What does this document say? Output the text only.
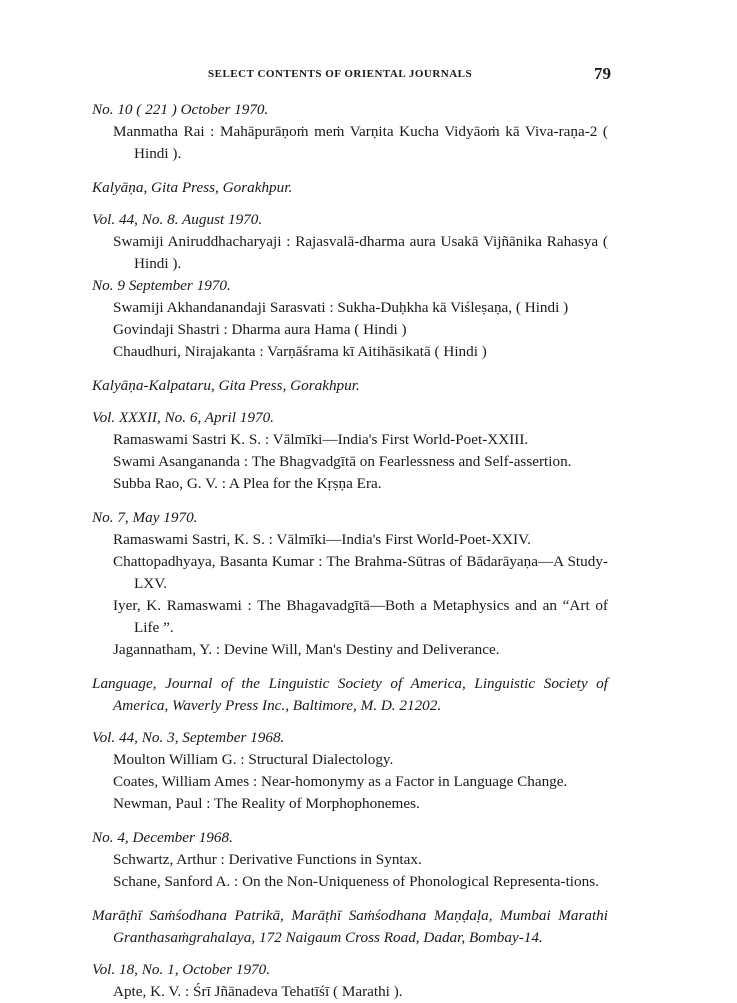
SELECT CONTENTS OF ORIENTAL JOURNALS	79
No. 10 ( 221 ) October 1970.
Manmatha Rai : Mahāpurāṇoṁ meṁ Varṇita Kucha Vidyāoṁ kā Viva-raṇa-2 ( Hindi ).
Kalyāṇa, Gita Press, Gorakhpur.
Vol. 44, No. 8. August 1970.
Swamiji Aniruddhacharyaji : Rajasvalā-dharma aura Usakā Vijñānika Rahasya ( Hindi ).
No. 9 September 1970.
Swamiji Akhandanandaji Sarasvati : Sukha-Duḥkha kā Viśleṣaṇa, ( Hindi )
Govindaji Shastri : Dharma aura Hama ( Hindi )
Chaudhuri, Nirajakanta : Varṇāśrama kī Aitihāsikatā ( Hindi )
Kalyāṇa-Kalpataru, Gita Press, Gorakhpur.
Vol. XXXII, No. 6, April 1970.
Ramaswami Sastri K. S. : Vālmīki—India's First World-Poet-XXIII.
Swami Asanganandа : The Bhagvadgītā on Fearlessness and Self-assertion.
Subba Rao, G. V. : A Plea for the Kṛṣṇa Era.
No. 7, May 1970.
Ramaswami Sastri, K. S. : Vālmīki—India's First World-Poet-XXIV.
Chattopadhyaya, Basanta Kumar : The Brahma-Sūtras of Bādarāyaṇa—A Study-LXV.
Iyer, K. Ramaswami : The Bhagavadgītā—Both a Metaphysics and an “Art of Life ”.
Jagannatham, Y. : Devine Will, Man's Destiny and Deliverance.
Language, Journal of the Linguistic Society of America, Linguistic Society of America, Waverly Press Inc., Baltimore, M. D. 21202.
Vol. 44, No. 3, September 1968.
Moulton William G. : Structural Dialectology.
Coates, William Ames : Near-homonymy as a Factor in Language Change.
Newman, Paul : The Reality of Morphophonemes.
No. 4, December 1968.
Schwartz, Arthur : Derivative Functions in Syntax.
Schane, Sanford A. : On the Non-Uniqueness of Phonological Representa-tions.
Marāṭhī Saṁśodhana Patrikā, Marāṭhī Saṁśodhana Maṇḍaḷa, Mumbai Marathi Granthasaṁgrahalaya, 172 Naigaum Cross Road, Dadar, Bombay-14.
Vol. 18, No. 1, October 1970.
Apte, K. V. : Śrī Jñānadeva Tehatīśī ( Marathi ).
